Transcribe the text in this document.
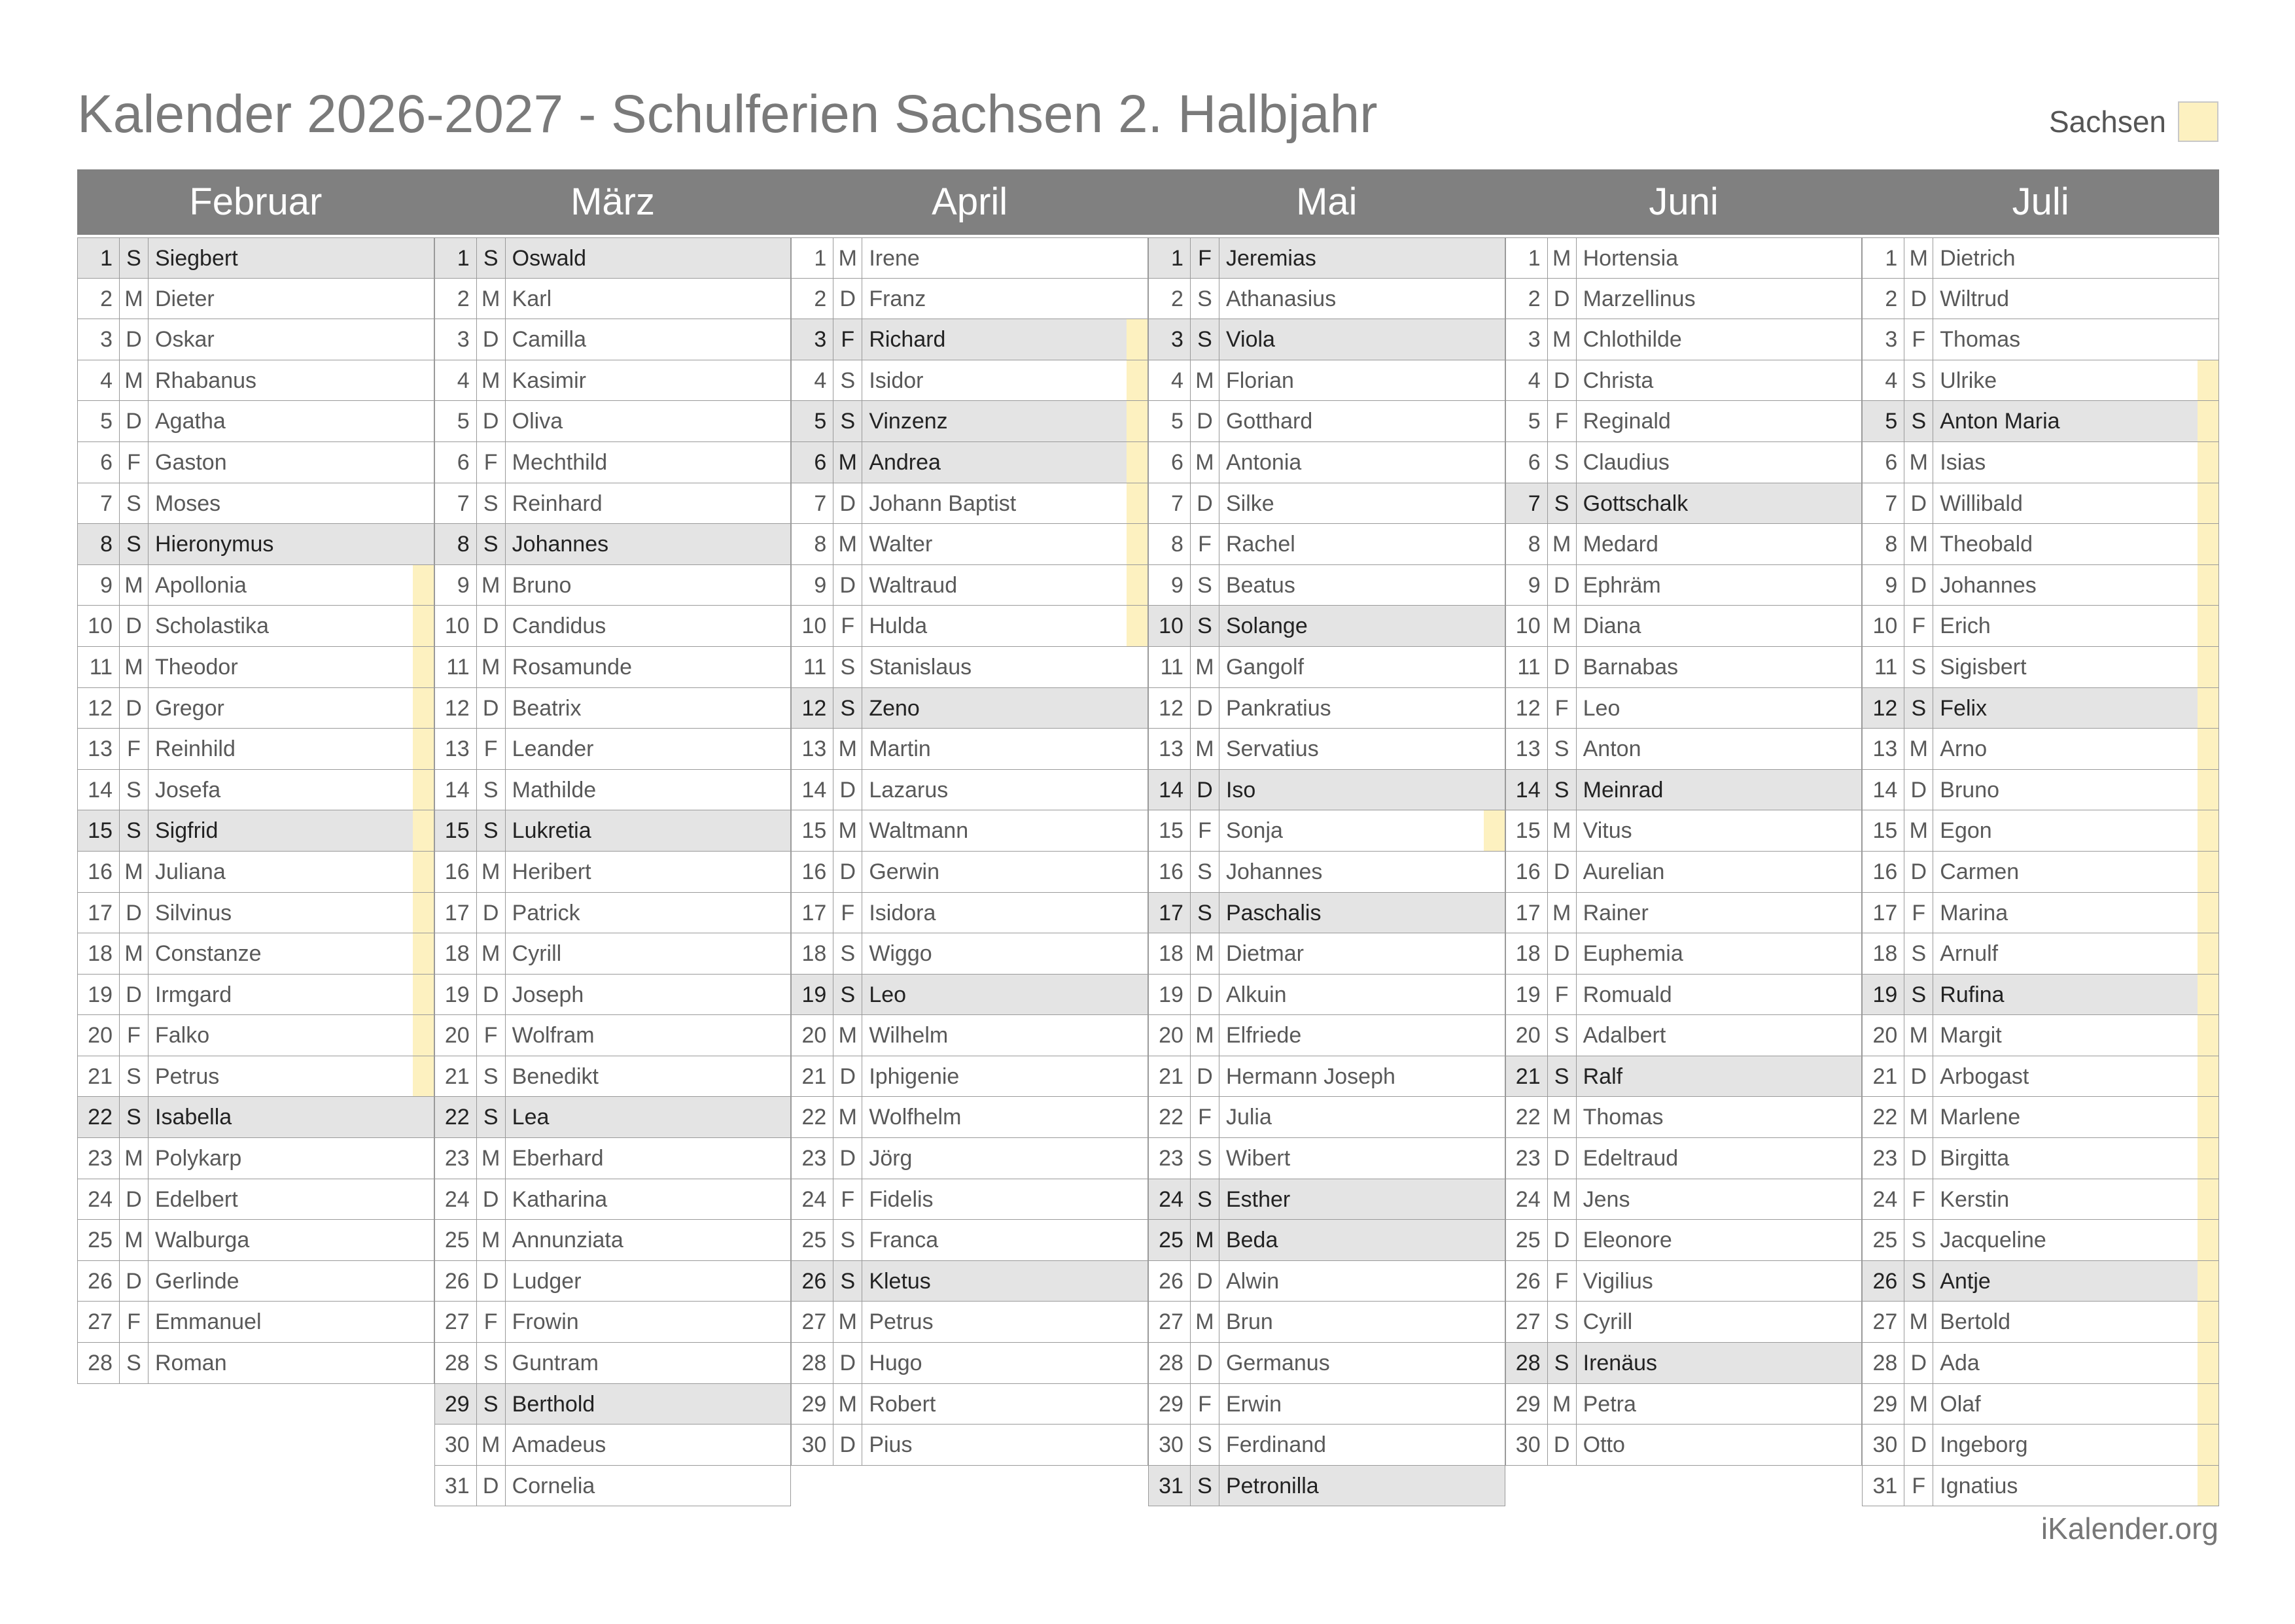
Kalender 2026-2027 - Schulferien Sachsen 2. Halbjahr	Sachsen
Februar	März	April	Mai	Juni	Juli
1 S Siegbert
2 M Dieter
3 D Oskar
4 M Rhabanus
5 D Agatha
6 F Gaston
7 S Moses
8 S Hieronymus
9 M Apollonia
10 D Scholastika
11 M Theodor
12 D Gregor
13 F Reinhild
14 S Josefa
15 S Sigfrid
16 M Juliana
17 D Silvinus
18 M Constanze
19 D Irmgard
20 F Falko
21 S Petrus
22 S Isabella
23 M Polykarp
24 D Edelbert
25 M Walburga
26 D Gerlinde
27 F Emmanuel
28 S Roman
1 S Oswald
2 M Karl
3 D Camilla
4 M Kasimir
5 D Oliva
6 F Mechthild
7 S Reinhard
8 S Johannes
9 M Bruno
10 D Candidus
11 M Rosamunde
12 D Beatrix
13 F Leander
14 S Mathilde
15 S Lukretia
16 M Heribert
17 D Patrick
18 M Cyrill
19 D Joseph
20 F Wolfram
21 S Benedikt
22 S Lea
23 M Eberhard
24 D Katharina
25 M Annunziata
26 D Ludger
27 F Frowin
28 S Guntram
29 S Berthold
30 M Amadeus
31 D Cornelia
1 M Irene
2 D Franz
3 F Richard
4 S Isidor
5 S Vinzenz
6 M Andrea
7 D Johann Baptist
8 M Walter
9 D Waltraud
10 F Hulda
11 S Stanislaus
12 S Zeno
13 M Martin
14 D Lazarus
15 M Waltmann
16 D Gerwin
17 F Isidora
18 S Wiggo
19 S Leo
20 M Wilhelm
21 D Iphigenie
22 M Wolfhelm
23 D Jörg
24 F Fidelis
25 S Franca
26 S Kletus
27 M Petrus
28 D Hugo
29 M Robert
30 D Pius
1 F Jeremias
2 S Athanasius
3 S Viola
4 M Florian
5 D Gotthard
6 M Antonia
7 D Silke
8 F Rachel
9 S Beatus
10 S Solange
11 M Gangolf
12 D Pankratius
13 M Servatius
14 D Iso
15 F Sonja
16 S Johannes
17 S Paschalis
18 M Dietmar
19 D Alkuin
20 M Elfriede
21 D Hermann Joseph
22 F Julia
23 S Wibert
24 S Esther
25 M Beda
26 D Alwin
27 M Brun
28 D Germanus
29 F Erwin
30 S Ferdinand
31 S Petronilla
1 M Hortensia
2 D Marzellinus
3 M Chlothilde
4 D Christa
5 F Reginald
6 S Claudius
7 S Gottschalk
8 M Medard
9 D Ephräm
10 M Diana
11 D Barnabas
12 F Leo
13 S Anton
14 S Meinrad
15 M Vitus
16 D Aurelian
17 M Rainer
18 D Euphemia
19 F Romuald
20 S Adalbert
21 S Ralf
22 M Thomas
23 D Edeltraud
24 M Jens
25 D Eleonore
26 F Vigilius
27 S Cyrill
28 S Irenäus
29 M Petra
30 D Otto
1 M Dietrich
2 D Wiltrud
3 F Thomas
4 S Ulrike
5 S Anton Maria
6 M Isias
7 D Willibald
8 M Theobald
9 D Johannes
10 F Erich
11 S Sigisbert
12 S Felix
13 M Arno
14 D Bruno
15 M Egon
16 D Carmen
17 F Marina
18 S Arnulf
19 S Rufina
20 M Margit
21 D Arbogast
22 M Marlene
23 D Birgitta
24 F Kerstin
25 S Jacqueline
26 S Antje
27 M Bertold
28 D Ada
29 M Olaf
30 D Ingeborg
31 F Ignatius
iKalender.org
